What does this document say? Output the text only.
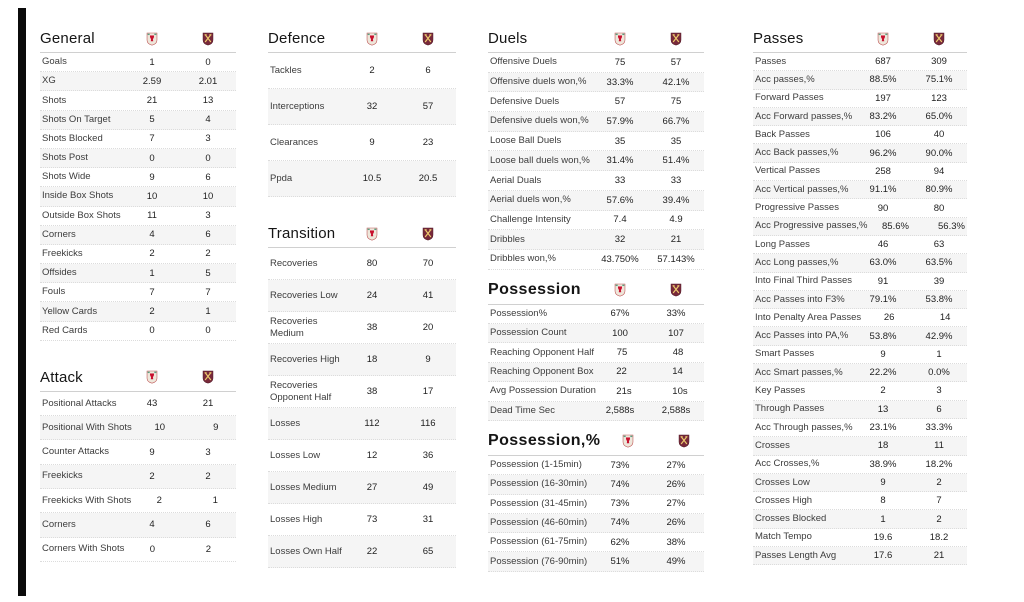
General
Goals	1	0
XG	2.59	2.01
Shots	21	13
Shots On Target	5	4
Shots Blocked	7	3
Shots Post	0	0
Shots Wide	9	6
Inside Box Shots	10	10
Outside Box Shots	11	3
Corners	4	6
Freekicks	2	2
Offsides	1	5
Fouls	7	7
Yellow Cards	2	1
Red Cards	0	0
Attack
Positional Attacks	43	21
Positional With Shots	10	9
Counter Attacks	9	3
Freekicks	2	2
Freekicks With Shots	2	1
Corners	4	6
Corners With Shots	0	2
Defence
Tackles	2	6
Interceptions	32	57
Clearances	9	23
Ppda	10.5	20.5
Transition
Recoveries	80	70
Recoveries Low	24	41
Recoveries Medium	38	20
Recoveries High	18	9
Recoveries Opponent Half	38	17
Losses	112	116
Losses Low	12	36
Losses Medium	27	49
Losses High	73	31
Losses Own Half	22	65
Duels
Offensive Duels	75	57
Offensive duels won,%	33.3%	42.1%
Defensive Duels	57	75
Defensive duels won,%	57.9%	66.7%
Loose Ball Duels	35	35
Loose ball duels won,%	31.4%	51.4%
Aerial Duals	33	33
Aerial duels won,%	57.6%	39.4%
Challenge Intensity	7.4	4.9
Dribbles	32	21
Dribbles won,%	43.750%	57.143%
Possession
Possession%	67%	33%
Possession Count	100	107
Reaching Opponent Half	75	48
Reaching Opponent Box	22	14
Avg Possession Duration	21s	10s
Dead Time Sec	2,588s	2,588s
Possession,%
Possession (1-15min)	73%	27%
Possession (16-30min)	74%	26%
Possession (31-45min)	73%	27%
Possession (46-60min)	74%	26%
Possession (61-75min)	62%	38%
Possession (76-90min)	51%	49%
Passes
Passes	687	309
Acc passes,%	88.5%	75.1%
Forward Passes	197	123
Acc Forward passes,%	83.2%	65.0%
Back Passes	106	40
Acc Back passes,%	96.2%	90.0%
Vertical Passes	258	94
Acc Vertical passes,%	91.1%	80.9%
Progressive Passes	90	80
Acc Progressive passes,%	85.6%	56.3%
Long Passes	46	63
Acc Long passes,%	63.0%	63.5%
Into Final Third Passes	91	39
Acc Passes into F3%	79.1%	53.8%
Into Penalty Area Passes	26	14
Acc Passes into PA,%	53.8%	42.9%
Smart Passes	9	1
Acc Smart passes,%	22.2%	0.0%
Key Passes	2	3
Through Passes	13	6
Acc Through passes,%	23.1%	33.3%
Crosses	18	11
Acc Crosses,%	38.9%	18.2%
Crosses Low	9	2
Crosses High	8	7
Crosses Blocked	1	2
Match Tempo	19.6	18.2
Passes Length Avg	17.6	21
